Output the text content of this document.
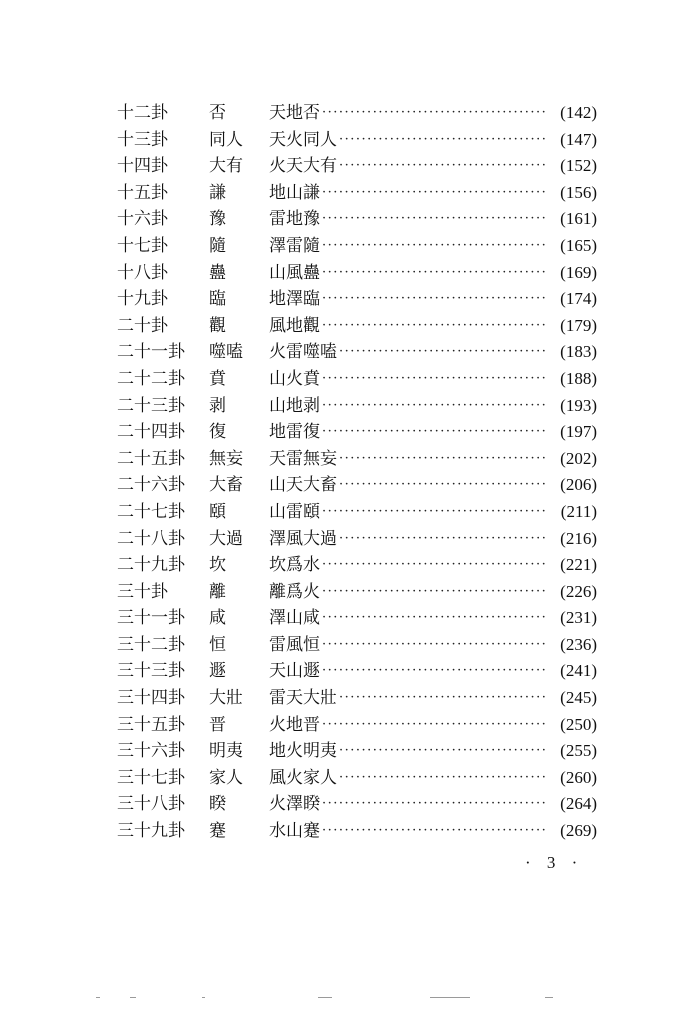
十二卦	否	天地否 ·····	(142)
十三卦	同人	天火同人 ·····	(147)
十四卦	大有	火天大有 ·····	(152)
十五卦	謙	地山謙 ·····	(156)
十六卦	豫	雷地豫 ·····	(161)
十七卦	隨	澤雷隨 ·····	(165)
十八卦	蠱	山風蠱 ·····	(169)
十九卦	臨	地澤臨 ·····	(174)
二十卦	觀	風地觀 ·····	(179)
二十一卦	噬嗑	火雷噬嗑 ·····	(183)
二十二卦	賁	山火賁 ·····	(188)
二十三卦	剥	山地剥 ·····	(193)
二十四卦	復	地雷復 ·····	(197)
二十五卦	無妄	天雷無妄 ·····	(202)
二十六卦	大畜	山天大畜 ·····	(206)
二十七卦	頤	山雷頤 ·····	(211)
二十八卦	大過	澤風大過 ·····	(216)
二十九卦	坎	坎爲水 ·····	(221)
三十卦	離	離爲火 ·····	(226)
三十一卦	咸	澤山咸 ·····	(231)
三十二卦	恒	雷風恒 ·····	(236)
三十三卦	遯	天山遯 ·····	(241)
三十四卦	大壯	雷天大壯 ·····	(245)
三十五卦	晋	火地晋 ·····	(250)
三十六卦	明夷	地火明夷 ·····	(255)
三十七卦	家人	風火家人 ·····	(260)
三十八卦	睽	火澤睽 ·····	(264)
三十九卦	蹇	水山蹇 ·····	(269)
· 3 ·
